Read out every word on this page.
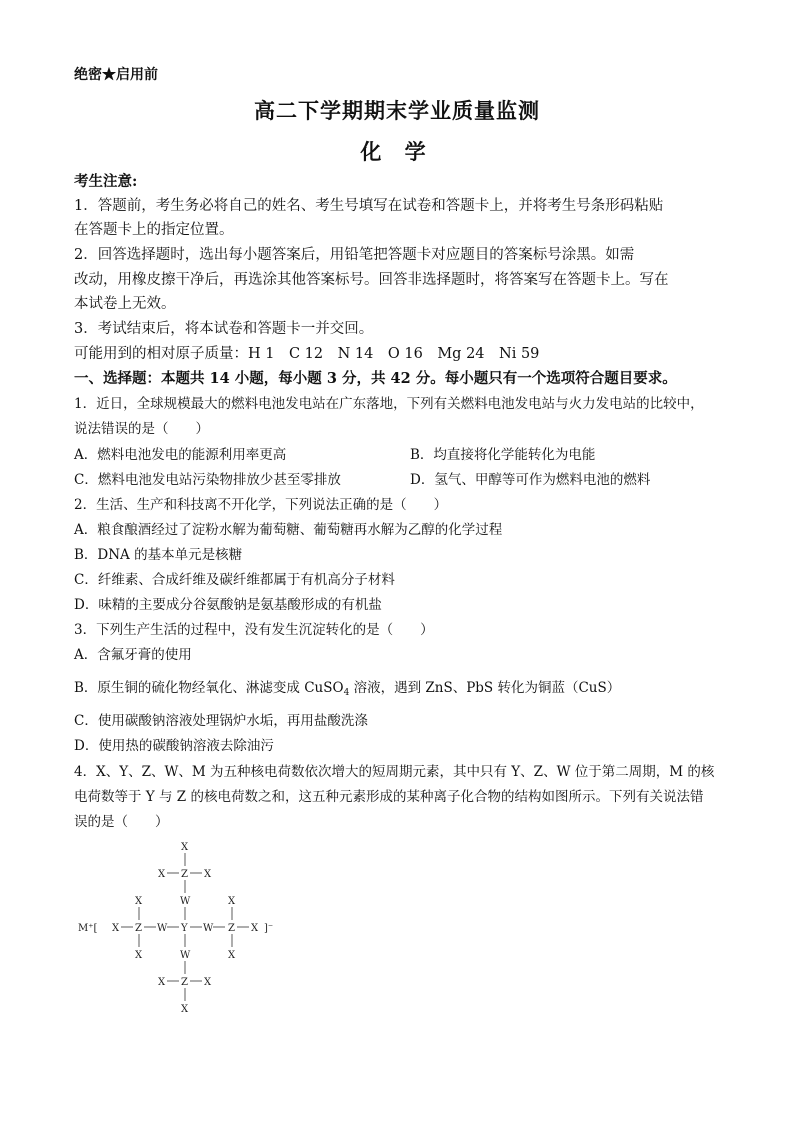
绝密★启用前
高二下学期期末学业质量监测
化 学
考生注意:
1．答题前，考生务必将自己的姓名、考生号填写在试卷和答题卡上，并将考生号条形码粘贴
在答题卡上的指定位置。
2．回答选择题时，选出每小题答案后，用铅笔把答题卡对应题目的答案标号涂黑。如需
改动，用橡皮擦干净后，再选涂其他答案标号。回答非选择题时，将答案写在答题卡上。写在
本试卷上无效。
3．考试结束后，将本试卷和答题卡一并交回。
可能用到的相对原子质量：H 1　C 12　N 14　O 16　Mg 24　Ni 59
一、选择题：本题共 14 小题，每小题 3 分，共 42 分。每小题只有一个选项符合题目要求。
1．近日，全球规模最大的燃料电池发电站在广东落地，下列有关燃料电池发电站与火力发电站的比较中，
说法错误的是（　　）
A．燃料电池发电的能源利用率更高	B．均直接将化学能转化为电能
C．燃料电池发电站污染物排放少甚至零排放	D．氢气、甲醇等可作为燃料电池的燃料
2．生活、生产和科技离不开化学，下列说法正确的是（　　）
A．粮食酿酒经过了淀粉水解为葡萄糖、葡萄糖再水解为乙醇的化学过程
B．DNA 的基本单元是核糖
C．纤维素、合成纤维及碳纤维都属于有机高分子材料
D．味精的主要成分谷氨酸钠是氨基酸形成的有机盐
3．下列生产生活的过程中，没有发生沉淀转化的是（　　）
A．含氟牙膏的使用
B．原生铜的硫化物经氧化、淋滤变成 CuSO$_4$ 溶液，遇到 ZnS、PbS 转化为铜蓝（CuS）
C．使用碳酸钠溶液处理锅炉水垢，再用盐酸洗涤
D．使用热的碳酸钠溶液去除油污
4．X、Y、Z、W、M 为五种核电荷数依次增大的短周期元素，其中只有 Y、Z、W 位于第二周期，M 的核
电荷数等于 Y 与 Z 的核电荷数之和，这五种元素形成的某种离子化合物的结构如图所示。下列有关说法错
误的是（　　）
X
X Z X
W
X
X
X
X
M⁺[ X Z W Y W Z X ]⁻
W
X Z X
X
